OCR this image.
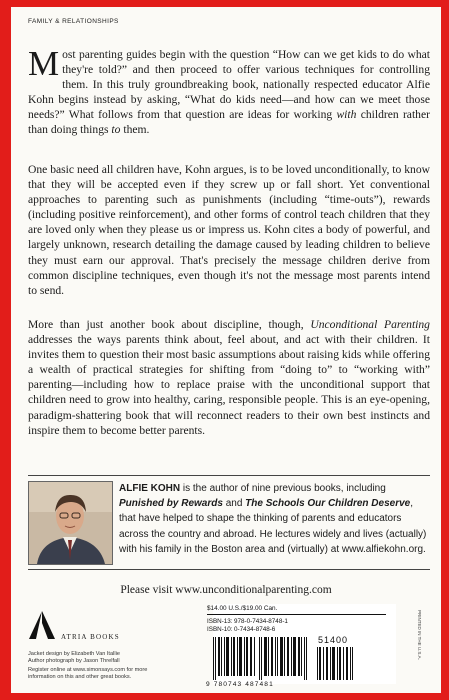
FAMILY & RELATIONSHIPS
Most parenting guides begin with the question “How can we get kids to do what they're told?” and then proceed to offer various techniques for controlling them. In this truly groundbreaking book, nationally respected educator Alfie Kohn begins instead by asking, “What do kids need—and how can we meet those needs?” What follows from that question are ideas for working with children rather than doing things to them.
One basic need all children have, Kohn argues, is to be loved unconditionally, to know that they will be accepted even if they screw up or fall short. Yet conventional approaches to parenting such as punishments (including “time-outs”), rewards (including positive reinforcement), and other forms of control teach children that they are loved only when they please us or impress us. Kohn cites a body of powerful, and largely unknown, research detailing the damage caused by leading children to believe they must earn our approval. That's precisely the message children derive from common discipline techniques, even though it's not the message most parents intend to send.
More than just another book about discipline, though, Unconditional Parenting addresses the ways parents think about, feel about, and act with their children. It invites them to question their most basic assumptions about raising kids while offering a wealth of practical strategies for shifting from “doing to” to “working with” parenting—including how to replace praise with the unconditional support that children need to grow into healthy, caring, responsible people. This is an eye-opening, paradigm-shattering book that will reconnect readers to their own best instincts and inspire them to become better parents.
ALFIE KOHN is the author of nine previous books, including Punished by Rewards and The Schools Our Children Deserve, that have helped to shape the thinking of parents and educators across the country and abroad. He lectures widely and lives (actually) with his family in the Boston area and (virtually) at www.alfiekohn.org.
Please visit www.unconditionalparenting.com
ATRIA BOOKS
Jacket design by Elizabeth Van Itallie
Author photograph by Jason Threlfall
Register online at www.simonsays.com for more information on this and other great books.
$14.00 U.S./$19.00 Can.
ISBN-13:978-0-7434-8748-1
ISBN-10:0-7434-8748-6
51400
9 780743 487481
PRINTED IN THE U.S.A.
